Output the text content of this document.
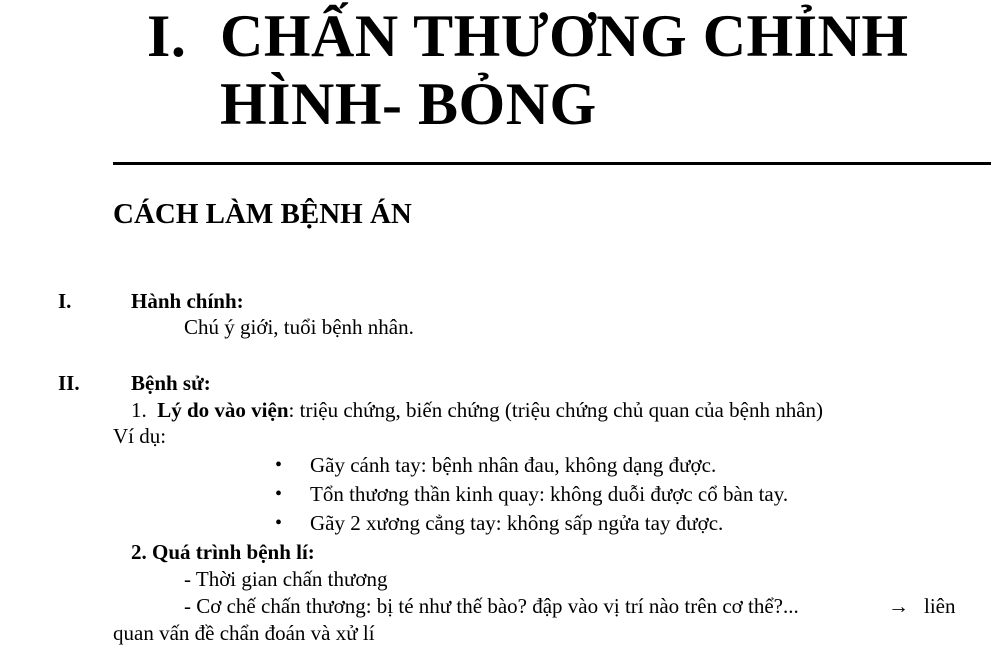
I. CHẤN THƯƠNG CHỈNH
HÌNH- BỎNG
CÁCH LÀM BỆNH ÁN
I.	Hành chính:
Chú ý giới, tuổi bệnh nhân.
II. Bệnh sử:
1. Lý do vào viện: triệu chứng, biến chứng (triệu chứng chủ quan của bệnh nhân)
Ví dụ:
• Gãy cánh tay: bệnh nhân đau, không dạng được.
• Tổn thương thần kinh quay: không duỗi được cổ bàn tay.
• Gãy 2 xương cẳng tay: không sấp ngửa tay được.
2. Quá trình bệnh lí:
- Thời gian chấn thương
- Cơ chế chấn thương: bị té như thế bào? đập vào vị trí nào trên cơ thể?...	→ liên
quan vấn đề chẩn đoán và xử lí
